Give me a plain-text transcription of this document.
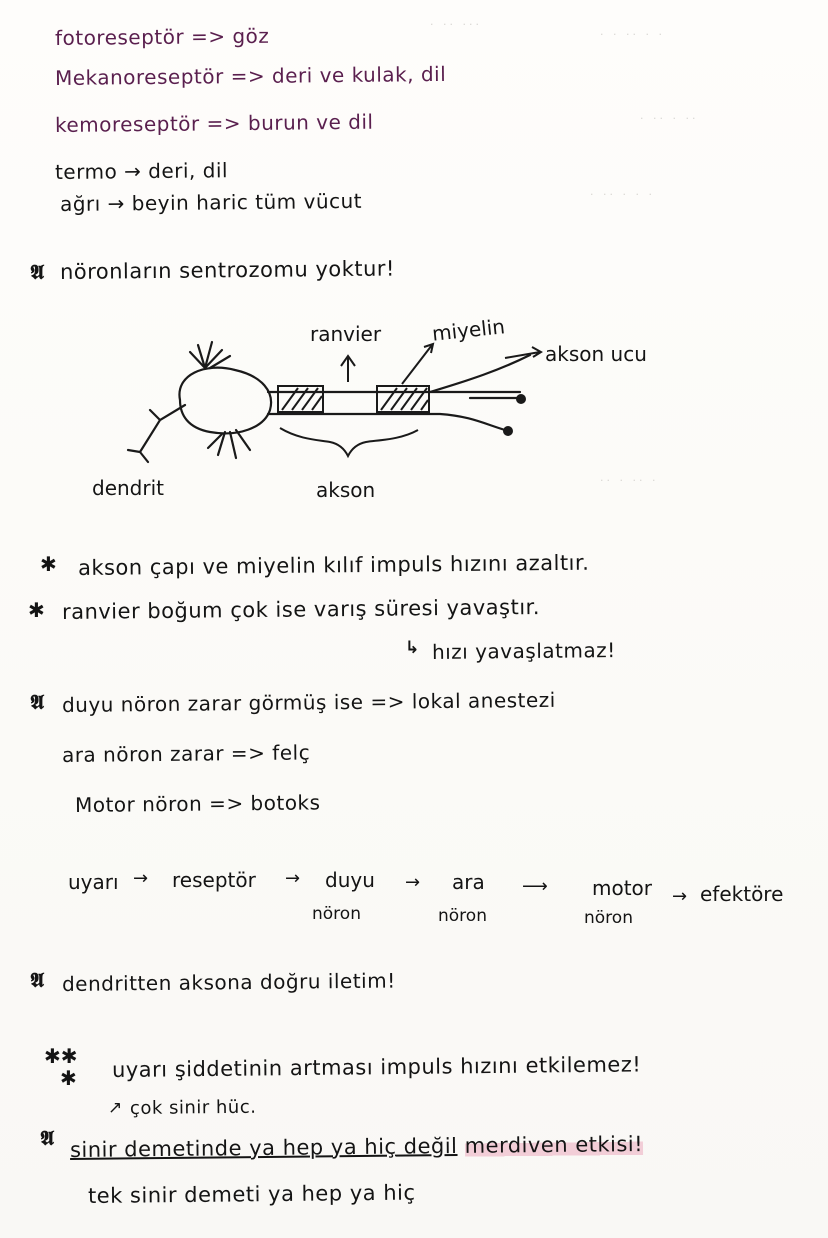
· ·· ···
· · ·· · ·
· ·· · ··
· ·· · · ·
·· · ·· ·
fotoreseptör => göz
Mekanoreseptör => deri ve kulak, dil
kemoreseptör => burun ve dil
termo → deri, dil
ağrı → beyin haric tüm vücut
𝕬 nöronların sentrozomu yoktur!
ranvier miyelin
akson ucu
dendrit	akson
✱ akson çapı ve miyelin kılıf impuls hızını azaltır.
✱ ranvier boğum çok ise varış süresi yavaştır.
↳ hızı yavaşlatmaz!
𝕬 duyu nöron zarar görmüş ise => lokal anestezi
ara nöron zarar => felç
Motor nöron => botoks
uyarı → reseptör → duyu
nöron
→ ara
nöron
⟶ motor
nöron
→ efektöre
𝕬 dendritten aksona doğru iletim!
✱✱
✱ uyarı şiddetinin artması impuls hızını etkilemez!
↗ çok sinir hüc.
𝕬 sinir demetinde ya hep ya hiç değil merdiven etkisi!
tek sinir demeti ya hep ya hiç
